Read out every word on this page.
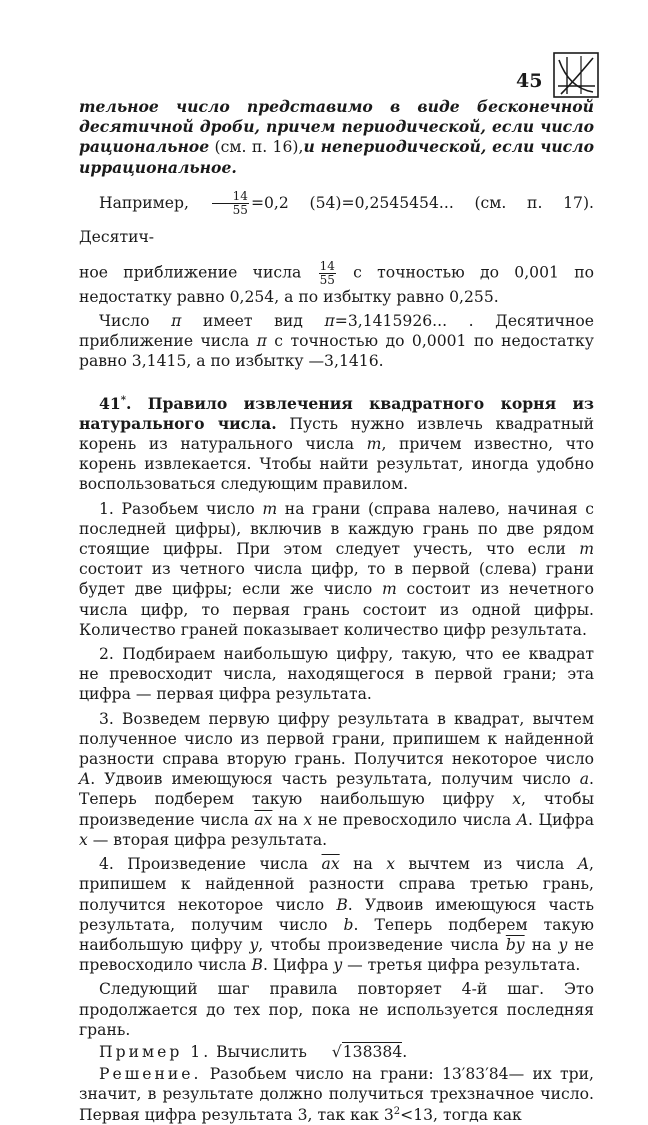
45

тельное число представимо в виде бесконечной десятичной дроби, причем периодической, если число рациональное (см. п. 16),и непериодической, если число иррациональное.

Например, $\frac{14}{55} =0,2$ (54)=0,2545454... (см. п. 17). Десятич-

ное приближение числа $\frac{14}{55}$ с точностью до 0,001 по недостатку равно 0,254, а по избытку равно 0,255.

Число π имеет вид π=3,1415926... . Десятичное приближение числа π с точностью до 0,0001 по недостатку равно 3,1415, а по избытку —3,1416.

41*. Правило извлечения квадратного корня из натурального числа. Пусть нужно извлечь квадратный корень из натурального числа m, причем известно, что корень извлекается. Чтобы найти результат, иногда удобно воспользоваться следующим правилом.

1. Разобьем число m на грани (справа налево, начиная с последней цифры), включив в каждую грань по две рядом стоящие цифры. При этом следует учесть, что если m состоит из четного числа цифр, то в первой (слева) грани будет две цифры; если же число m состоит из нечетного числа цифр, то первая грань состоит из одной цифры. Количество граней показывает количество цифр результата.

2. Подбираем наибольшую цифру, такую, что ее квадрат не превосходит числа, находящегося в первой грани; эта цифра — первая цифра результата.

3. Возведем первую цифру результата в квадрат, вычтем полученное число из первой грани, припишем к найденной разности справа вторую грань. Получится некоторое число A. Удвоив имеющуюся часть результата, получим число a. Теперь подберем такую наибольшую цифру x, чтобы произведение числа $\overline{ax}$ на x не превосходило числа A. Цифра x — вторая цифра результата.

4. Произведение числа $\overline{ax}$ на x вычтем из числа A, припишем к найденной разности справа третью грань, получится некоторое число B. Удвоив имеющуюся часть результата, получим число b. Теперь подберем такую наибольшую цифру y, чтобы произведение числа $\overline{by}$ на y не превосходило числа B. Цифра y — третья цифра результата.

Следующий шаг правила повторяет 4-й шаг. Это продолжается до тех пор, пока не используется последняя грань.

Пример 1. Вычислить √138384.

Решение. Разобьем число на грани: 13′83′84— их три, значит, в результате должно получиться трехзначное число. Первая цифра результата 3, так как $3^2<13$, тогда как
